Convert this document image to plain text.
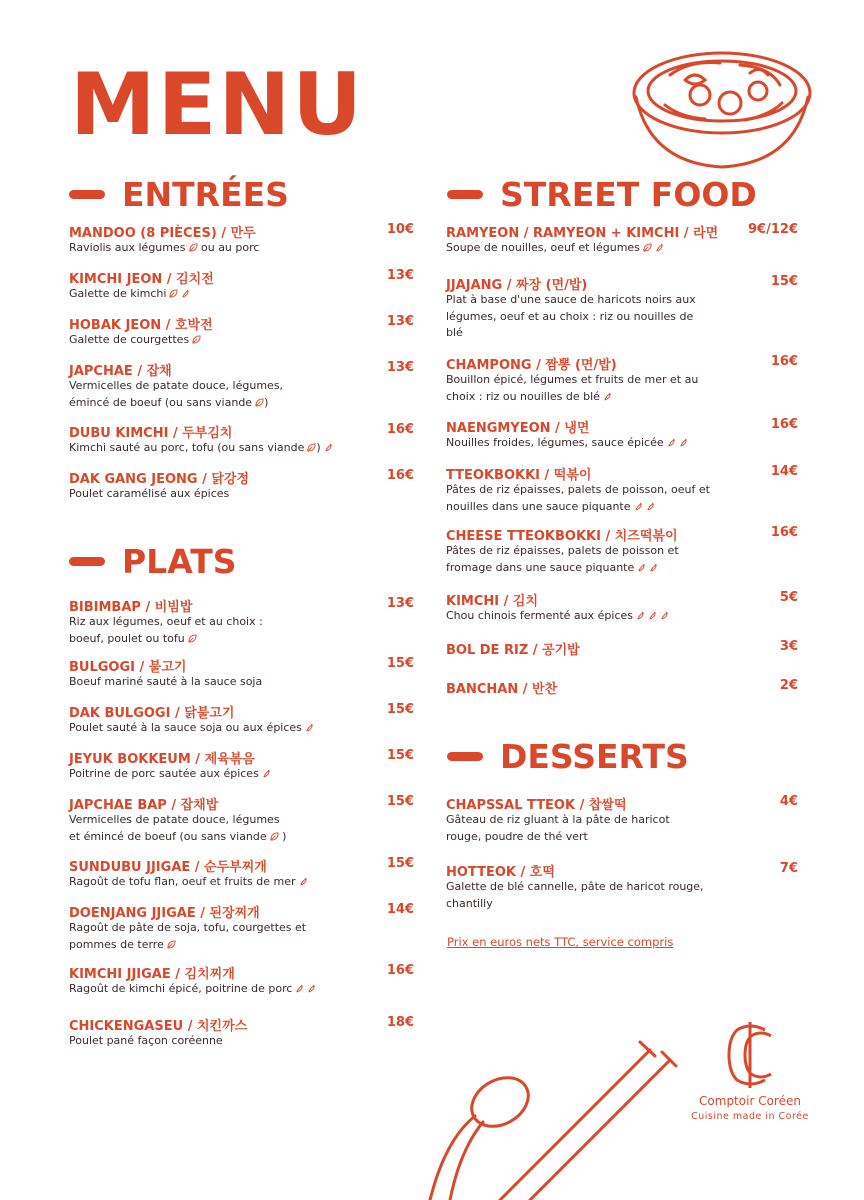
MENU
ENTRÉES
PLATS
STREET FOOD
DESSERTS
MANDOO (8 PIÈCES) / 만두	10€
Raviolis aux légumes
ou au porc
KIMCHI JEON / 김치전	13€
Galette de kimchi
HOBAK JEON / 호박전	13€
Galette de courgettes
JAPCHAE / 잡채	13€
Vermicelles de patate douce, légumes,
émincé de boeuf (ou sans viande )
DUBU KIMCHI / 두부김치	16€
Kimchi sauté au porc, tofu (ou sans viande )
DAK GANG JEONG / 닭강정	16€
Poulet caramélisé aux épices
BIBIMBAP / 비빔밥	13€
Riz aux légumes, oeuf et au choix :
boeuf, poulet ou tofu
BULGOGI / 불고기	15€
Boeuf mariné sauté à la sauce soja
DAK BULGOGI / 닭불고기	15€
Poulet sauté à la sauce soja ou aux épices
JEYUK BOKKEUM / 제육볶음	15€
Poitrine de porc sautée aux épices
JAPCHAE BAP / 잡채밥	15€
Vermicelles de patate douce, légumes
et émincé de boeuf (ou sans viande
)
SUNDUBU JJIGAE / 순두부찌개	15€
Ragoût de tofu flan, oeuf et fruits de mer
DOENJANG JJIGAE / 된장찌개	14€
Ragoût de pâte de soja, tofu, courgettes et
pommes de terre
KIMCHI JJIGAE / 김치찌개	16€
Ragoût de kimchi épicé, poitrine de porc
CHICKENGASEU / 치킨까스	18€
Poulet pané façon coréenne
RAMYEON / RAMYEON + KIMCHI / 라면 9€/12€
Soupe de nouilles, oeuf et légumes
JJAJANG / 짜장 (면/밥)	15€
Plat à base d'une sauce de haricots noirs aux
légumes, oeuf et au choix : riz ou nouilles de
blé
CHAMPONG / 짬뽕 (면/밥)	16€
Bouillon épicé, légumes et fruits de mer et au
choix : riz ou nouilles de blé
NAENGMYEON / 냉면	16€
Nouilles froides, légumes, sauce épicée
TTEOKBOKKI / 떡볶이	14€
Pâtes de riz épaisses, palets de poisson, oeuf et
nouilles dans une sauce piquante
CHEESE TTEOKBOKKI / 치즈떡볶이	16€
Pâtes de riz épaisses, palets de poisson et
fromage dans une sauce piquante
KIMCHI / 김치	5€
Chou chinois fermenté aux épices
BOL DE RIZ / 공기밥	3€
BANCHAN / 반찬	2€
CHAPSSAL TTEOK / 찹쌀떡	4€
Gâteau de riz gluant à la pâte de haricot
rouge, poudre de thé vert
HOTTEOK / 호떡	7€
Galette de blé cannelle, pâte de haricot rouge,
chantilly
Prix en euros nets TTC, service compris
Comptoir Coréen
Cuisine made in Corée
